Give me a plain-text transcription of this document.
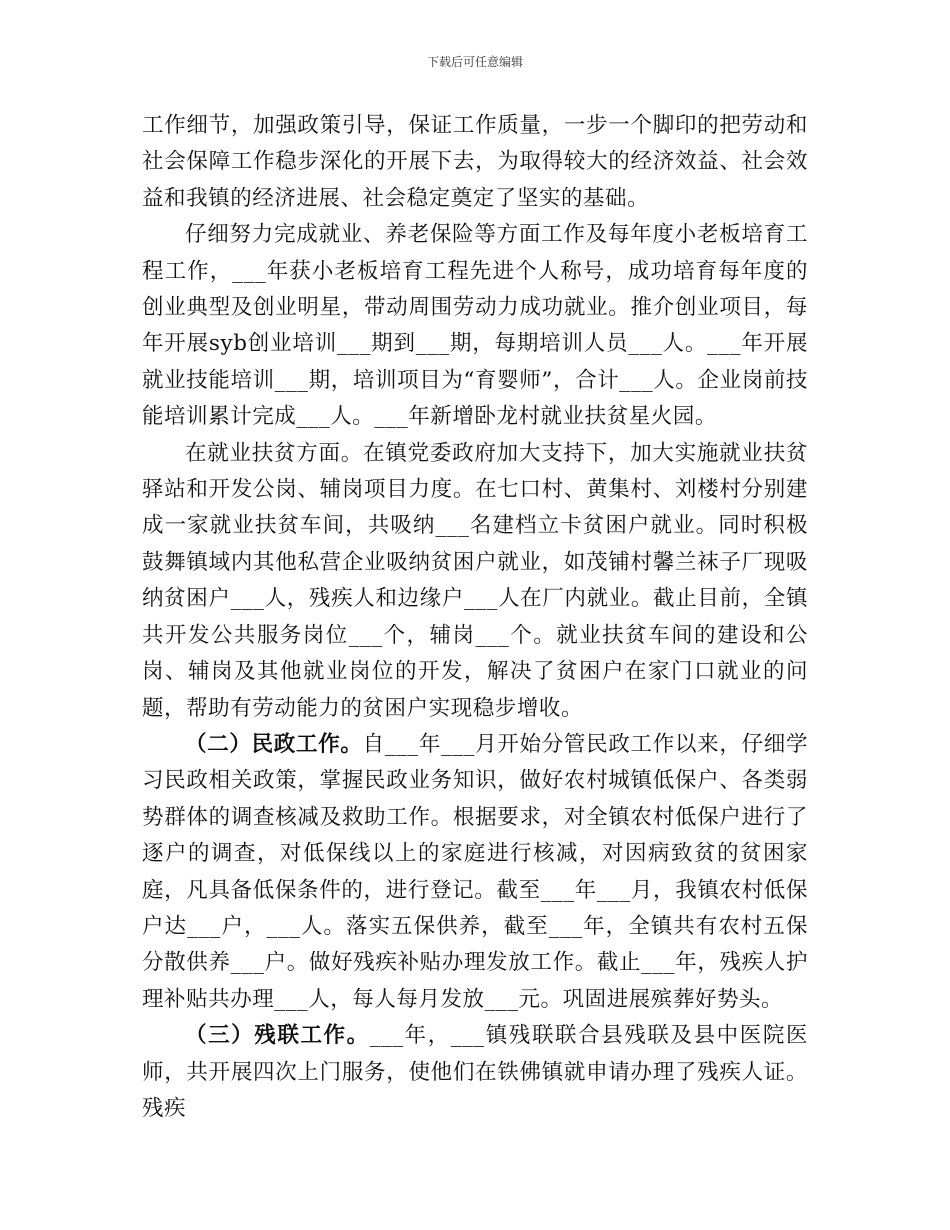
下载后可任意编辑

工作细节，加强政策引导，保证工作质量，一步一个脚印的把劳动和社会保障工作稳步深化的开展下去，为取得较大的经济效益、社会效益和我镇的经济进展、社会稳定奠定了坚实的基础。

仔细努力完成就业、养老保险等方面工作及每年度小老板培育工程工作，___年获小老板培育工程先进个人称号，成功培育每年度的创业典型及创业明星，带动周围劳动力成功就业。推介创业项目，每年开展syb创业培训___期到___期，每期培训人员___人。___年开展就业技能培训___期，培训项目为“育婴师”，合计___人。企业岗前技能培训累计完成___人。___年新增卧龙村就业扶贫星火园。

在就业扶贫方面。在镇党委政府加大支持下，加大实施就业扶贫驿站和开发公岗、辅岗项目力度。在七口村、黄集村、刘楼村分别建成一家就业扶贫车间，共吸纳___名建档立卡贫困户就业。同时积极鼓舞镇域内其他私营企业吸纳贫困户就业，如茂铺村馨兰袜子厂现吸纳贫困户___人，残疾人和边缘户___人在厂内就业。截止目前，全镇共开发公共服务岗位___个，辅岗___个。就业扶贫车间的建设和公岗、辅岗及其他就业岗位的开发，解决了贫困户在家门口就业的问题，帮助有劳动能力的贫困户实现稳步增收。

（二）民政工作。自___年___月开始分管民政工作以来，仔细学习民政相关政策，掌握民政业务知识，做好农村城镇低保户、各类弱势群体的调查核减及救助工作。根据要求，对全镇农村低保户进行了逐户的调查，对低保线以上的家庭进行核减，对因病致贫的贫困家庭，凡具备低保条件的，进行登记。截至___年___月，我镇农村低保户达___户，___人。落实五保供养，截至___年，全镇共有农村五保分散供养___户。做好残疾补贴办理发放工作。截止___年，残疾人护理补贴共办理___人，每人每月发放___元。巩固进展殡葬好势头。

（三）残联工作。___年，___镇残联联合县残联及县中医院医师，共开展四次上门服务，使他们在铁佛镇就申请办理了残疾人证。残疾
